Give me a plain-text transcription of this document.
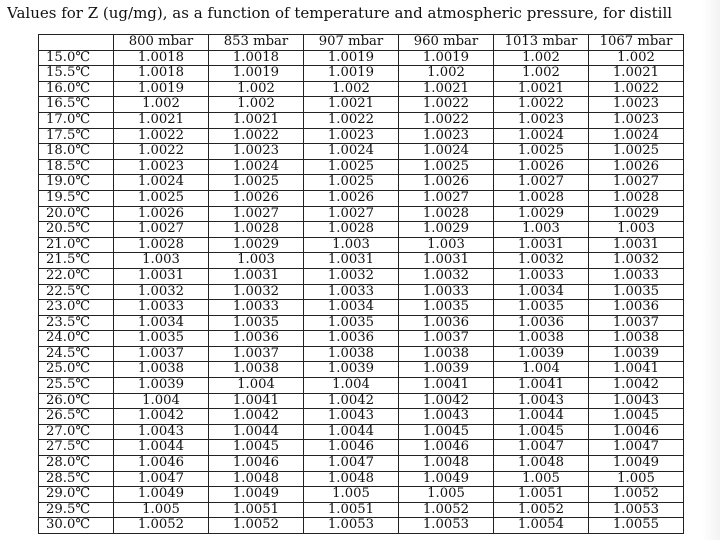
Values for Z (ug/mg), as a function of temperature and atmospheric pressure, for distill
	800 mbar	853 mbar	907 mbar	960 mbar	1013 mbar	1067 mbar
15.0℃	1.0018	1.0018	1.0019	1.0019	1.002	1.002
15.5℃	1.0018	1.0019	1.0019	1.002	1.002	1.0021
16.0℃	1.0019	1.002	1.002	1.0021	1.0021	1.0022
16.5℃	1.002	1.002	1.0021	1.0022	1.0022	1.0023
17.0℃	1.0021	1.0021	1.0022	1.0022	1.0023	1.0023
17.5℃	1.0022	1.0022	1.0023	1.0023	1.0024	1.0024
18.0℃	1.0022	1.0023	1.0024	1.0024	1.0025	1.0025
18.5℃	1.0023	1.0024	1.0025	1.0025	1.0026	1.0026
19.0℃	1.0024	1.0025	1.0025	1.0026	1.0027	1.0027
19.5℃	1.0025	1.0026	1.0026	1.0027	1.0028	1.0028
20.0℃	1.0026	1.0027	1.0027	1.0028	1.0029	1.0029
20.5℃	1.0027	1.0028	1.0028	1.0029	1.003	1.003
21.0℃	1.0028	1.0029	1.003	1.003	1.0031	1.0031
21.5℃	1.003	1.003	1.0031	1.0031	1.0032	1.0032
22.0℃	1.0031	1.0031	1.0032	1.0032	1.0033	1.0033
22.5℃	1.0032	1.0032	1.0033	1.0033	1.0034	1.0035
23.0℃	1.0033	1.0033	1.0034	1.0035	1.0035	1.0036
23.5℃	1.0034	1.0035	1.0035	1.0036	1.0036	1.0037
24.0℃	1.0035	1.0036	1.0036	1.0037	1.0038	1.0038
24.5℃	1.0037	1.0037	1.0038	1.0038	1.0039	1.0039
25.0℃	1.0038	1.0038	1.0039	1.0039	1.004	1.0041
25.5℃	1.0039	1.004	1.004	1.0041	1.0041	1.0042
26.0℃	1.004	1.0041	1.0042	1.0042	1.0043	1.0043
26.5℃	1.0042	1.0042	1.0043	1.0043	1.0044	1.0045
27.0℃	1.0043	1.0044	1.0044	1.0045	1.0045	1.0046
27.5℃	1.0044	1.0045	1.0046	1.0046	1.0047	1.0047
28.0℃	1.0046	1.0046	1.0047	1.0048	1.0048	1.0049
28.5℃	1.0047	1.0048	1.0048	1.0049	1.005	1.005
29.0℃	1.0049	1.0049	1.005	1.005	1.0051	1.0052
29.5℃	1.005	1.0051	1.0051	1.0052	1.0052	1.0053
30.0℃	1.0052	1.0052	1.0053	1.0053	1.0054	1.0055
